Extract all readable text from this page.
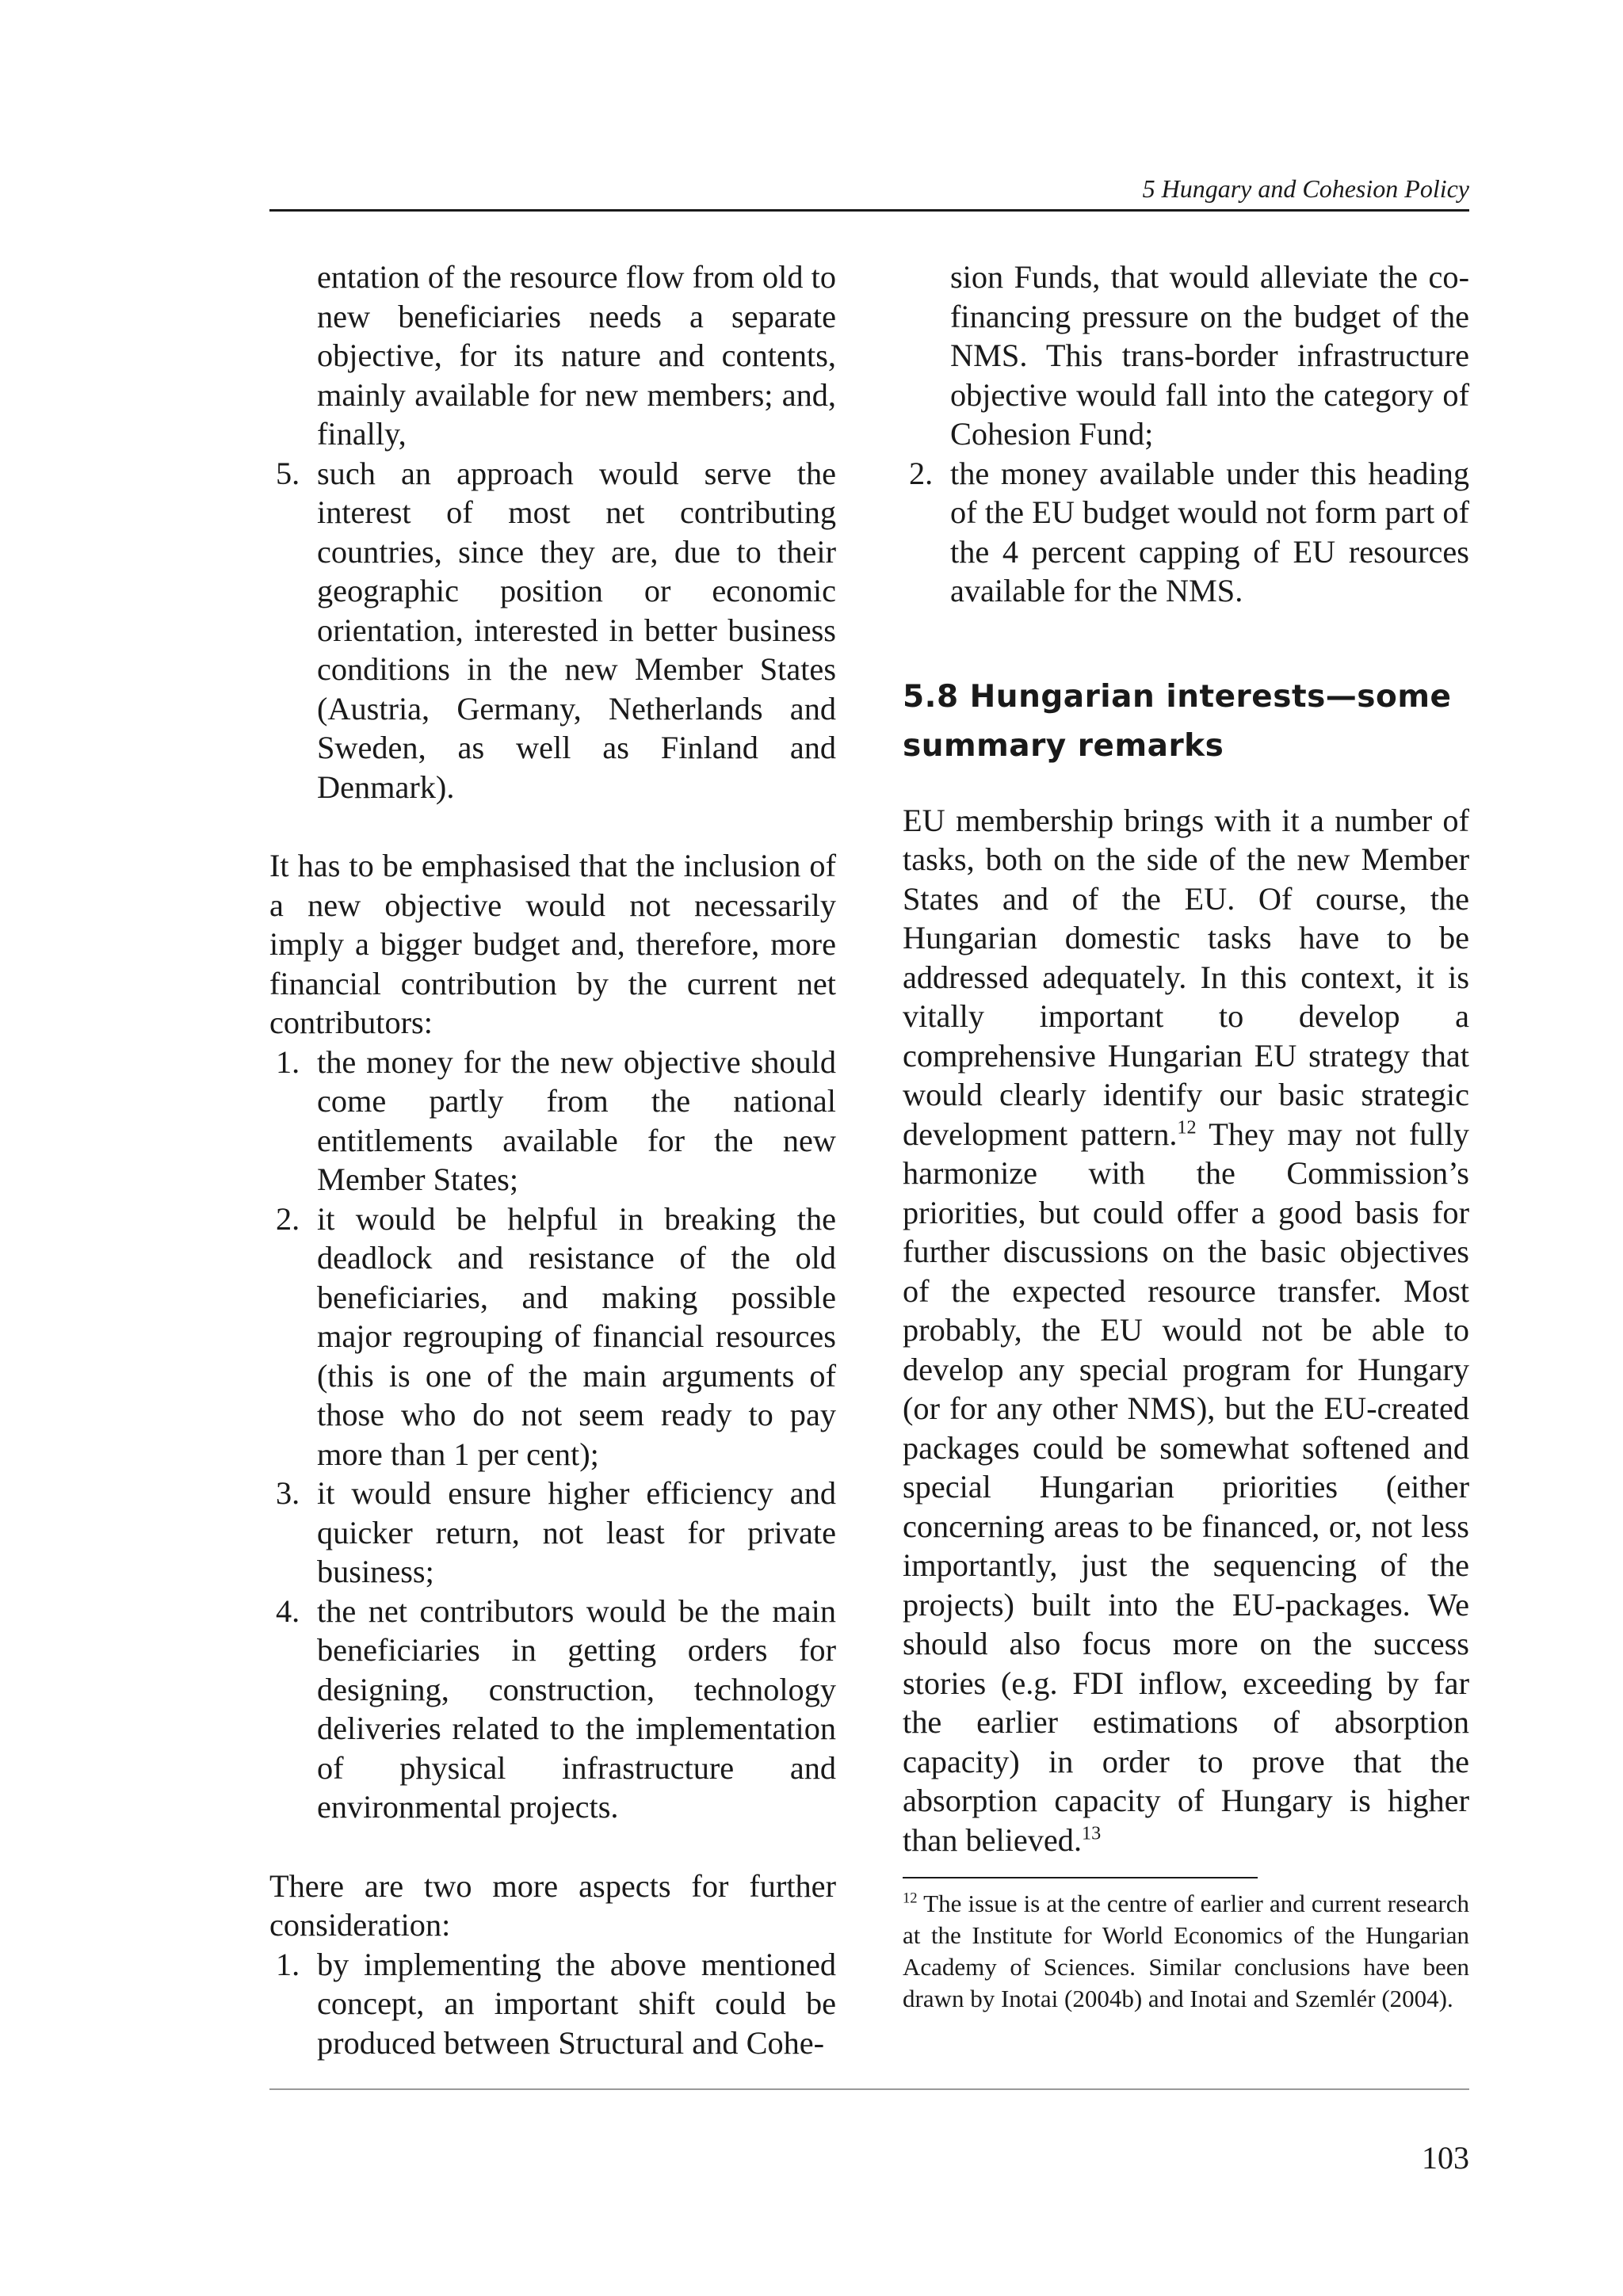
5 Hungary and Cohesion Policy
entation of the resource flow from old to new beneficiaries needs a separate objective, for its nature and contents, mainly available for new members; and, finally,
5. such an approach would serve the interest of most net contributing countries, since they are, due to their geographic position or economic orientation, interested in better business conditions in the new Member States (Austria, Germany, Netherlands and Sweden, as well as Finland and Denmark).

It has to be emphasised that the inclusion of a new objective would not necessarily imply a bigger budget and, therefore, more financial contribution by the current net contributors:

1. the money for the new objective should come partly from the national entitlements available for the new Member States;
2. it would be helpful in breaking the deadlock and resistance of the old beneficiaries, and making possible major regrouping of financial resources (this is one of the main arguments of those who do not seem ready to pay more than 1 per cent);
3. it would ensure higher efficiency and quicker return, not least for private business;
4. the net contributors would be the main beneficiaries in getting orders for designing, construction, technology deliveries related to the implementation of physical infrastructure and environmental projects.

There are two more aspects for further consideration:

1. by implementing the above mentioned concept, an important shift could be produced between Structural and Cohe-
sion Funds, that would alleviate the co-financing pressure on the budget of the NMS. This trans-border infrastructure objective would fall into the category of Cohesion Fund;
2. the money available under this heading of the EU budget would not form part of the 4 percent capping of EU resources available for the NMS.
5.8 Hungarian interests—some summary remarks

EU membership brings with it a number of tasks, both on the side of the new Member States and of the EU. Of course, the Hungarian domestic tasks have to be addressed adequately. In this context, it is vitally important to develop a comprehensive Hungarian EU strategy that would clearly identify our basic strategic development pattern.$^{12}$ They may not fully harmonize with the Commission’s priorities, but could offer a good basis for further discussions on the basic objectives of the expected resource transfer. Most probably, the EU would not be able to develop any special program for Hungary (or for any other NMS), but the EU-created packages could be somewhat softened and special Hungarian priorities (either concerning areas to be financed, or, not less importantly, just the sequencing of the projects) built into the EU-packages. We should also focus more on the success stories (e.g. FDI inflow, exceeding by far the earlier estimations of absorption capacity) in order to prove that the absorption capacity of Hungary is higher than believed.$^{13}$

$^{12}$ The issue is at the centre of earlier and current research at the Institute for World Economics of the Hungarian Academy of Sciences. Similar conclusions have been drawn by Inotai (2004b) and Inotai and Szemlér (2004).

103
